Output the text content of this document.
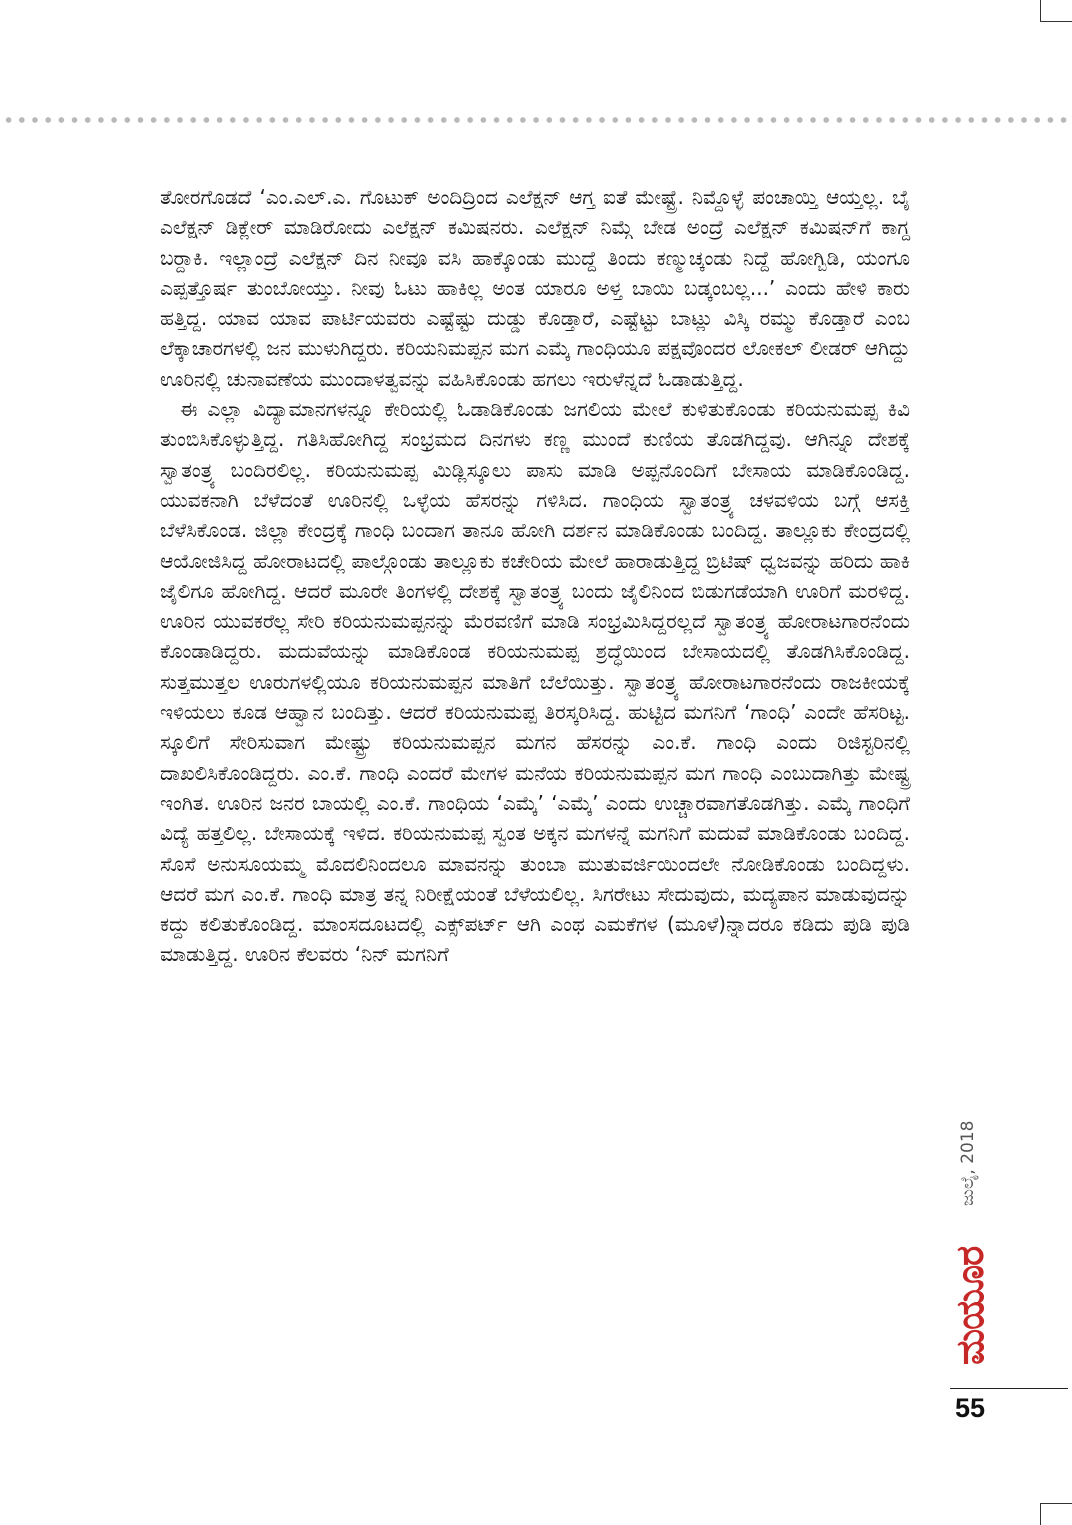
ತೋರಗೊಡದೆ ‘ಎಂ.ಎಲ್.ಎ. ಗೊಟುಕ್ ಅಂದಿದ್ರಿಂದ ಎಲೆಕ್ಷನ್ ಆಗ್ತ ಐತೆ ಮೇಷ್ಟ್ರೆ. ನಿಮ್ದೊಳ್ಳೆ ಪಂಚಾಯ್ತಿ ಆಯ್ತಲ್ಲ. ಬೈ ಎಲೆಕ್ಷನ್ ಡಿಕ್ಲೇರ್ ಮಾಡಿರೋದು ಎಲೆಕ್ಷನ್ ಕಮಿಷನರು. ಎಲೆಕ್ಷನ್ ನಿಮ್ಗೆ ಬೇಡ ಅಂದ್ರೆ ಎಲೆಕ್ಷನ್ ಕಮಿಷನ್‌ಗೆ ಕಾಗ್ದ ಬರ್‍ದಾಕಿ. ಇಲ್ಲಾಂದ್ರೆ ಎಲೆಕ್ಷನ್ ದಿನ ನೀವೂ ವಸಿ ಹಾಕ್ಕೊಂಡು ಮುದ್ದೆ ತಿಂದು ಕಣ್ಮುಚ್ಕಂಡು ನಿದ್ದೆ ಹೋಗ್ಬಿಡಿ, ಯಂಗೂ ಎಪ್ಪತ್ತೊರ್ಷ ತುಂಬೋಯ್ತು. ನೀವು ಓಟು ಹಾಕಿಲ್ಲ ಅಂತ ಯಾರೂ ಅಳ್ತ ಬಾಯಿ ಬಡ್ಕಂಬಲ್ಲ...’ ಎಂದು ಹೇಳಿ ಕಾರು ಹತ್ತಿದ್ದ. ಯಾವ ಯಾವ ಪಾರ್ಟಿಯವರು ಎಷ್ಟೆಷ್ಟು ದುಡ್ಡು ಕೊಡ್ತಾರೆ, ಎಷ್ಟೆಟ್ಟು ಬಾಟ್ಲು ವಿಸ್ಕಿ ರಮ್ಮು ಕೊಡ್ತಾರೆ ಎಂಬ ಲೆಕ್ಕಾಚಾರಗಳಲ್ಲಿ ಜನ ಮುಳುಗಿದ್ದರು. ಕರಿಯನಿಮಪ್ಪನ ಮಗ ಎಮ್ಕೆ ಗಾಂಧಿಯೂ ಪಕ್ಷವೊಂದರ ಲೋಕಲ್ ಲೀಡರ್ ಆಗಿದ್ದು ಊರಿನಲ್ಲಿ ಚುನಾವಣೆಯ ಮುಂದಾಳತ್ವವನ್ನು ವಹಿಸಿಕೊಂಡು ಹಗಲು ಇರುಳೆನ್ನದೆ ಓಡಾಡುತ್ತಿದ್ದ.

ಈ ಎಲ್ಲಾ ವಿದ್ಯಾಮಾನಗಳನ್ನೂ ಕೇರಿಯಲ್ಲಿ ಓಡಾಡಿಕೊಂಡು ಜಗಲಿಯ ಮೇಲೆ ಕುಳಿತುಕೊಂಡು ಕರಿಯನುಮಪ್ಪ ಕಿವಿ ತುಂಬಿಸಿಕೊಳ್ಳುತ್ತಿದ್ದ. ಗತಿಸಿಹೋಗಿದ್ದ ಸಂಭ್ರಮದ ದಿನಗಳು ಕಣ್ಣ ಮುಂದೆ ಕುಣಿಯ ತೊಡಗಿದ್ದವು. ಆಗಿನ್ನೂ ದೇಶಕ್ಕೆ ಸ್ವಾತಂತ್ರ್ಯ ಬಂದಿರಲಿಲ್ಲ. ಕರಿಯನುಮಪ್ಪ ಮಿಡ್ಲಿಸ್ಕೂಲು ಪಾಸು ಮಾಡಿ ಅಪ್ಪನೊಂದಿಗೆ ಬೇಸಾಯ ಮಾಡಿಕೊಂಡಿದ್ದ. ಯುವಕನಾಗಿ ಬೆಳೆದಂತೆ ಊರಿನಲ್ಲಿ ಒಳ್ಳೆಯ ಹೆಸರನ್ನು ಗಳಿಸಿದ. ಗಾಂಧಿಯ ಸ್ವಾತಂತ್ರ್ಯ ಚಳವಳಿಯ ಬಗ್ಗೆ ಆಸಕ್ತಿ ಬೆಳೆಸಿಕೊಂಡ. ಜಿಲ್ಲಾ ಕೇಂದ್ರಕ್ಕೆ ಗಾಂಧಿ ಬಂದಾಗ ತಾನೂ ಹೋಗಿ ದರ್ಶನ ಮಾಡಿಕೊಂಡು ಬಂದಿದ್ದ. ತಾಲ್ಲೂಕು ಕೇಂದ್ರದಲ್ಲಿ ಆಯೋಜಿಸಿದ್ದ ಹೋರಾಟದಲ್ಲಿ ಪಾಲ್ಗೊಂಡು ತಾಲ್ಲೂಕು ಕಚೇರಿಯ ಮೇಲೆ ಹಾರಾಡುತ್ತಿದ್ದ ಬ್ರಿಟಿಷ್ ಧ್ವಜವನ್ನು ಹರಿದು ಹಾಕಿ ಜೈಲಿಗೂ ಹೋಗಿದ್ದ. ಆದರೆ ಮೂರೇ ತಿಂಗಳಲ್ಲಿ ದೇಶಕ್ಕೆ ಸ್ವಾತಂತ್ರ್ಯ ಬಂದು ಜೈಲಿನಿಂದ ಬಿಡುಗಡೆಯಾಗಿ ಊರಿಗೆ ಮರಳಿದ್ದ. ಊರಿನ ಯುವಕರೆಲ್ಲ ಸೇರಿ ಕರಿಯನುಮಪ್ಪನನ್ನು ಮೆರವಣಿಗೆ ಮಾಡಿ ಸಂಭ್ರಮಿಸಿದ್ದರಲ್ಲದೆ ಸ್ವಾತಂತ್ರ್ಯ ಹೋರಾಟಗಾರನೆಂದು ಕೊಂಡಾಡಿದ್ದರು. ಮದುವೆಯನ್ನು ಮಾಡಿಕೊಂಡ ಕರಿಯನುಮಪ್ಪ ಶ್ರದ್ಧೆಯಿಂದ ಬೇಸಾಯದಲ್ಲಿ ತೊಡಗಿಸಿಕೊಂಡಿದ್ದ. ಸುತ್ತಮುತ್ತಲ ಊರುಗಳಲ್ಲಿಯೂ ಕರಿಯನುಮಪ್ಪನ ಮಾತಿಗೆ ಬೆಲೆಯಿತ್ತು. ಸ್ವಾತಂತ್ರ್ಯ ಹೋರಾಟಗಾರನೆಂದು ರಾಜಕೀಯಕ್ಕೆ ಇಳಿಯಲು ಕೂಡ ಆಹ್ವಾನ ಬಂದಿತ್ತು. ಆದರೆ ಕರಿಯನುಮಪ್ಪ ತಿರಸ್ಕರಿಸಿದ್ದ. ಹುಟ್ಟಿದ ಮಗನಿಗೆ ‘ಗಾಂಧಿ’ ಎಂದೇ ಹೆಸರಿಟ್ಟ. ಸ್ಕೂಲಿಗೆ ಸೇರಿಸುವಾಗ ಮೇಷ್ಟ್ರು ಕರಿಯನುಮಪ್ಪನ ಮಗನ ಹೆಸರನ್ನು ಎಂ.ಕೆ. ಗಾಂಧಿ ಎಂದು ರಿಜಿಸ್ಟರಿನಲ್ಲಿ ದಾಖಲಿಸಿಕೊಂಡಿದ್ದರು. ಎಂ.ಕೆ. ಗಾಂಧಿ ಎಂದರೆ ಮೇಗಳ ಮನೆಯ ಕರಿಯನುಮಪ್ಪನ ಮಗ ಗಾಂಧಿ ಎಂಬುದಾಗಿತ್ತು ಮೇಷ್ಟ್ರ ಇಂಗಿತ. ಊರಿನ ಜನರ ಬಾಯಲ್ಲಿ ಎಂ.ಕೆ. ಗಾಂಧಿಯ ‘ಎಮ್ಕೆ’ ‘ಎಮ್ಕೆ’ ಎಂದು ಉಚ್ಚಾರವಾಗತೊಡಗಿತ್ತು. ಎಮ್ಕೆ ಗಾಂಧಿಗೆ ವಿದ್ಯೆ ಹತ್ತಲಿಲ್ಲ. ಬೇಸಾಯಕ್ಕೆ ಇಳಿದ. ಕರಿಯನುಮಪ್ಪ ಸ್ವಂತ ಅಕ್ಕನ ಮಗಳನ್ನೆ ಮಗನಿಗೆ ಮದುವೆ ಮಾಡಿಕೊಂಡು ಬಂದಿದ್ದ. ಸೊಸೆ ಅನುಸೂಯಮ್ಮ ಮೊದಲಿನಿಂದಲೂ ಮಾವನನ್ನು ತುಂಬಾ ಮುತುವರ್ಜಿಯಿಂದಲೇ ನೋಡಿಕೊಂಡು ಬಂದಿದ್ದಳು. ಆದರೆ ಮಗ ಎಂ.ಕೆ. ಗಾಂಧಿ ಮಾತ್ರ ತನ್ನ ನಿರೀಕ್ಷೆಯಂತೆ ಬೆಳೆಯಲಿಲ್ಲ. ಸಿಗರೇಟು ಸೇದುವುದು, ಮದ್ಯಪಾನ ಮಾಡುವುದನ್ನು ಕದ್ದು ಕಲಿತುಕೊಂಡಿದ್ದ. ಮಾಂಸದೂಟದಲ್ಲಿ ಎಕ್ಸ್‌ಪರ್ಟ್ ಆಗಿ ಎಂಥ ಎಮಕೆಗಳ (ಮೂಳೆ)ನ್ನಾದರೂ ಕಡಿದು ಪುಡಿ ಪುಡಿ ಮಾಡುತ್ತಿದ್ದ. ಊರಿನ ಕೆಲವರು ‘ನಿನ್ ಮಗನಿಗೆ

ಜುಲೈ, 2018
ಮಯೂರ
55
